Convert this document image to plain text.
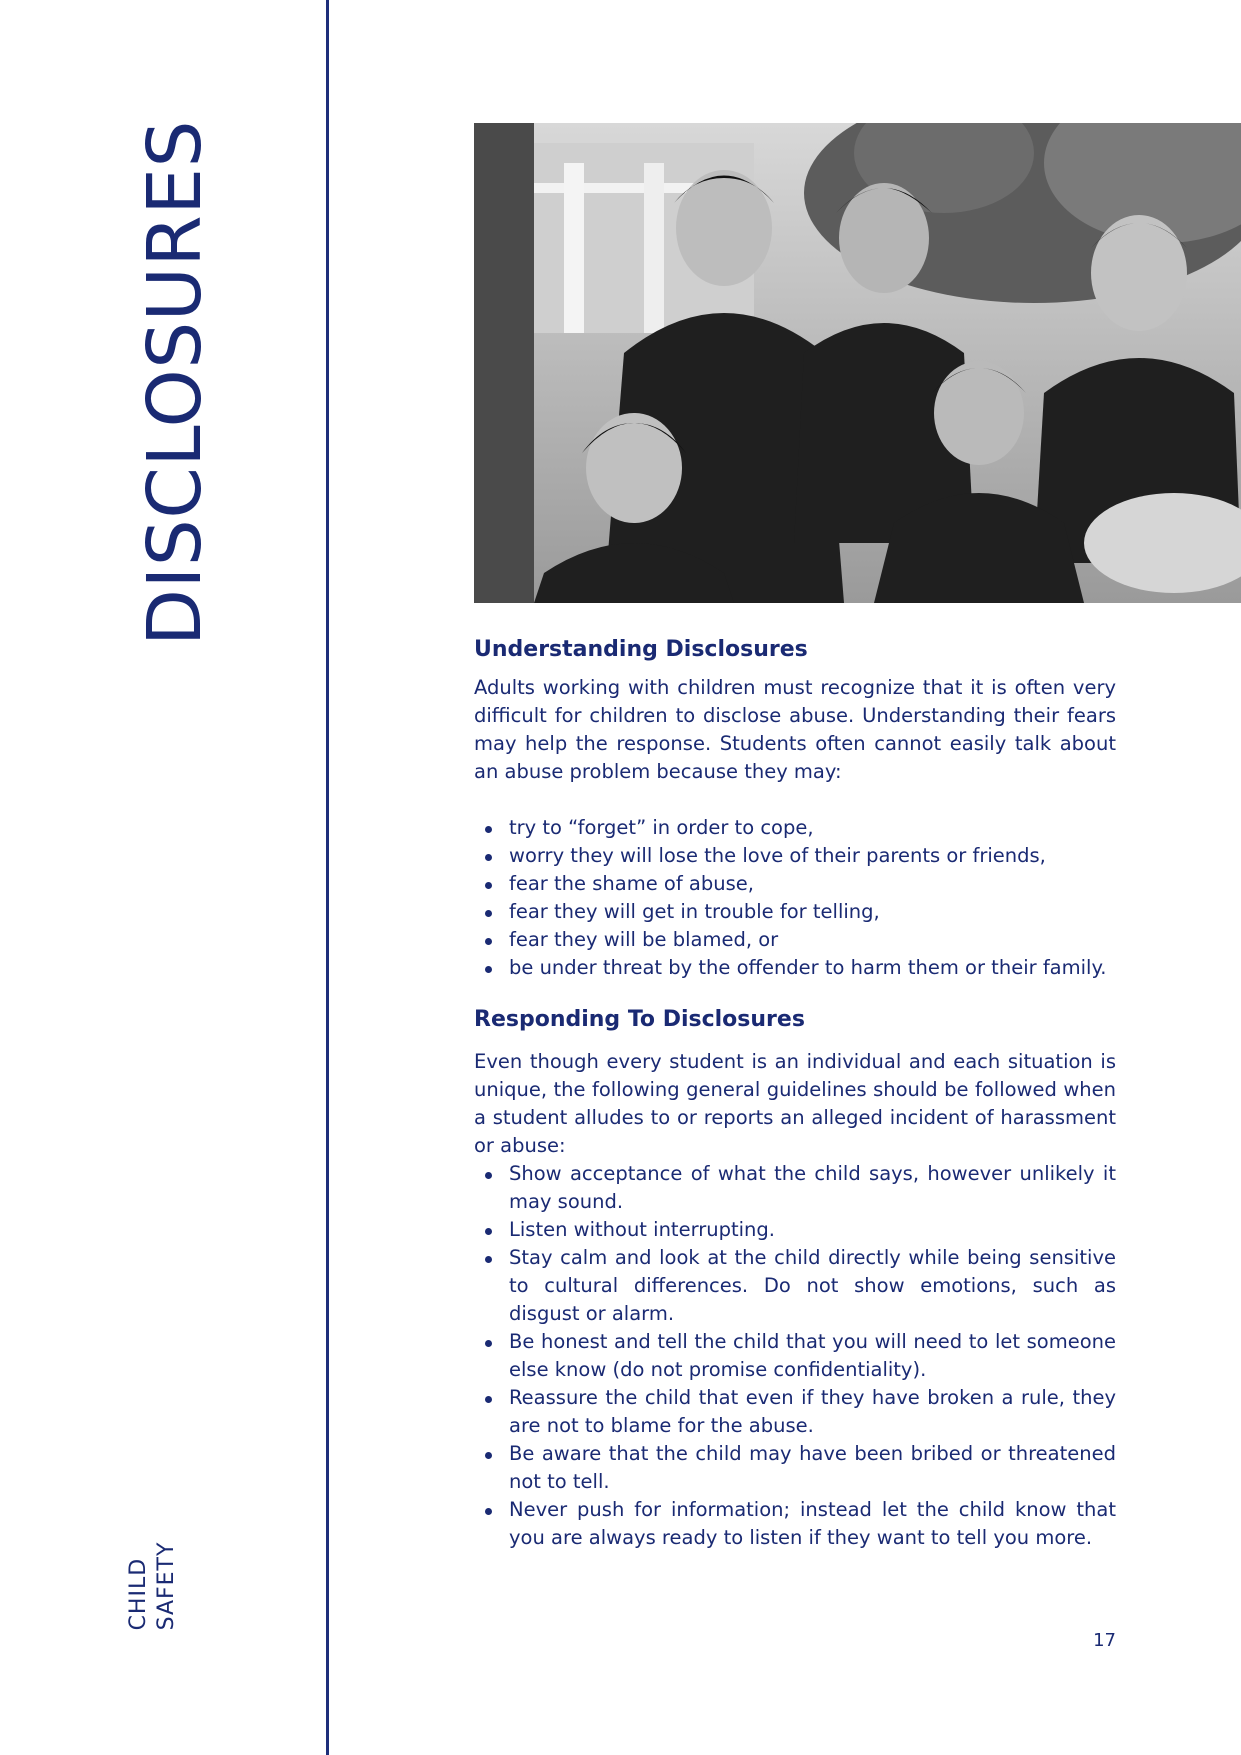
DISCLOSURES
CHILD SAFETY
Understanding Disclosures

Adults working with children must recognize that it is often very difficult for children to disclose abuse. Understanding their fears may help the response. Students often cannot easily talk about an abuse problem because they may:

try to “forget” in order to cope,
worry they will lose the love of their parents or friends,
fear the shame of abuse,
fear they will get in trouble for telling,
fear they will be blamed, or
be under threat by the offender to harm them or their family.
Responding To Disclosures

Even though every student is an individual and each situation is unique, the following general guidelines should be followed when a student alludes to or reports an alleged incident of harassment or abuse:

Show acceptance of what the child says, however unlikely it may sound.
Listen without interrupting.
Stay calm and look at the child directly while being sensitive to cultural differences. Do not show emotions, such as disgust or alarm.
Be honest and tell the child that you will need to let someone else know (do not promise confidentiality).
Reassure the child that even if they have broken a rule, they are not to blame for the abuse.
Be aware that the child may have been bribed or threatened not to tell.
Never push for information; instead let the child know that you are always ready to listen if they want to tell you more.
17
